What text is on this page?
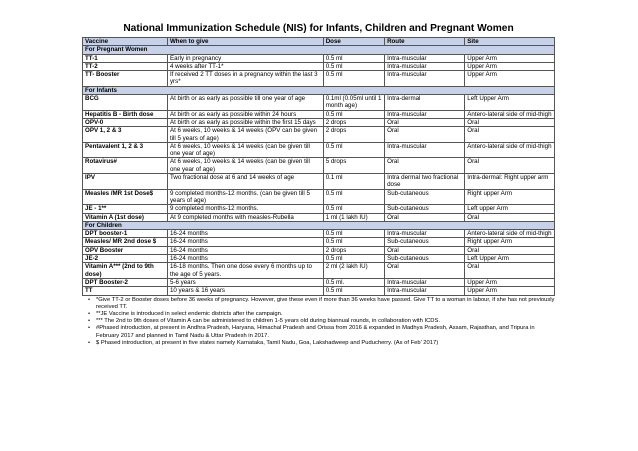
National Immunization Schedule (NIS) for Infants, Children and Pregnant Women
Vaccine	When to give	Dose	Route	Site
For Pregnant Women				
TT-1	Early in pregnancy	0.5 ml	Intra-muscular	Upper Arm
TT-2	4 weeks after TT-1*	0.5 ml	Intra-muscular	Upper Arm
TT- Booster	If received 2 TT doses in a pregnancy within the last 3 yrs*	0.5 ml	Intra-muscular	Upper Arm
For Infants				
BCG	At birth or as early as possible till one year of age	0.1ml (0.05ml until 1 month age)	Intra-dermal	Left Upper Arm
Hepatitis B - Birth dose	At birth or as early as possible within 24 hours	0.5 ml	Intra-muscular	Antero-lateral side of mid-thigh
OPV-0	At birth or as early as possible within the first 15 days	2 drops	Oral	Oral
OPV 1, 2 & 3	At 6 weeks, 10 weeks & 14 weeks (OPV can be given till 5 years of age)	2 drops	Oral	Oral
Pentavalent 1, 2 & 3	At 6 weeks, 10 weeks & 14 weeks (can be given till one year of age)	0.5 ml	Intra-muscular	Antero-lateral side of mid-thigh
Rotavirus#	At 6 weeks, 10 weeks & 14 weeks (can be given till one year of age)	5 drops	Oral	Oral
IPV	Two fractional dose at 6 and 14 weeks of age	0.1 ml	Intra dermal two fractional dose	Intra-dermal: Right upper arm
Measles /MR 1st Dose$	9 completed months-12 months. (can be given till 5 years of age)	0.5 ml	Sub-cutaneous	Right upper Arm
JE - 1**	9 completed months-12 months.	0.5 ml	Sub-cutaneous	Left upper Arm
Vitamin A (1st dose)	At 9 completed months with measles-Rubella	1 ml (1 lakh IU)	Oral	Oral
For Children				
DPT booster-1	16-24 months	0.5 ml	Intra-muscular	Antero-lateral side of mid-thigh
Measles/ MR 2nd dose $	16-24 months	0.5 ml	Sub-cutaneous	Right upper Arm
OPV Booster	16-24 months	2 drops	Oral	Oral
JE-2	16-24 months	0.5 ml	Sub-cutaneous	Left Upper Arm
Vitamin A*** (2nd to 9th dose)	16-18 months. Then one dose every 6 months up to the age of 5 years.	2 ml (2 lakh IU)	Oral	Oral
DPT Booster-2	5-6 years	0.5 ml.	Intra-muscular	Upper Arm
TT	10 years & 16 years	0.5 ml	Intra-muscular	Upper Arm
•	*Give TT-2 or Booster doses before 36 weeks of pregnancy. However, give these even if more than 36 weeks have passed. Give TT to a woman in labour, if she has not previously received TT.
•	**JE Vaccine is introduced in select endemic districts after the campaign.
•	*** The 2nd to 9th doses of Vitamin A can be administered to children 1-5 years old during biannual rounds, in collaboration with ICDS.
•	#Phased introduction, at present in Andhra Pradesh, Haryana, Himachal Pradesh and Orissa from 2016 & expanded in Madhya Pradesh, Assam, Rajasthan, and Tripura in February 2017 and planned in Tamil Nadu & Uttar Pradesh in 2017.
•	$ Phased introduction, at present in five states namely Karnataka, Tamil Nadu, Goa, Lakshadweep and Puducherry. (As of Feb' 2017)
